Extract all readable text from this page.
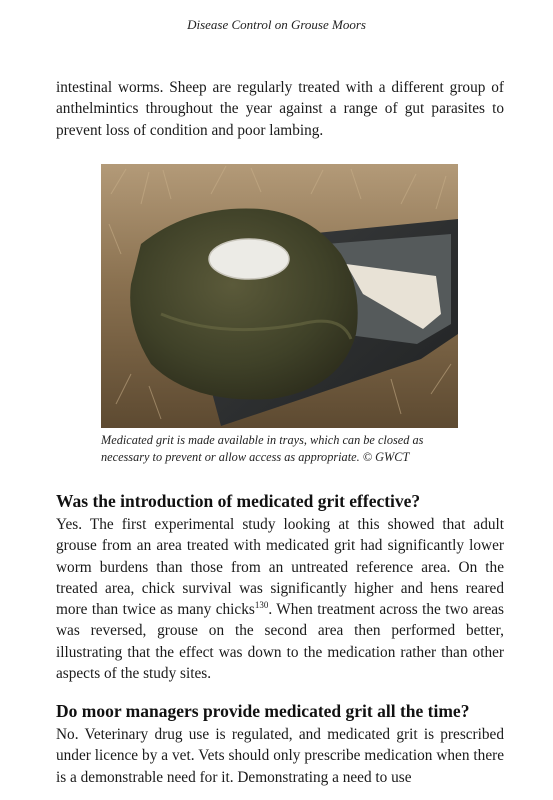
Disease Control on Grouse Moors

intestinal worms. Sheep are regularly treated with a different group of anthelmintics throughout the year against a range of gut parasites to prevent loss of condition and poor lambing.

Medicated grit is made available in trays, which can be closed as necessary to prevent or allow access as appropriate. © GWCT

Was the introduction of medicated grit effective?

Yes. The first experimental study looking at this showed that adult grouse from an area treated with medicated grit had significantly lower worm burdens than those from an untreated reference area. On the treated area, chick survival was significantly higher and hens reared more than twice as many chicks$^{130}$. When treatment across the two areas was reversed, grouse on the second area then performed better, illustrating that the effect was down to the medication rather than other aspects of the study sites.

Do moor managers provide medicated grit all the time?

No. Veterinary drug use is regulated, and medicated grit is prescribed under licence by a vet. Vets should only prescribe medication when there is a demonstrable need for it. Demonstrating a need to use
